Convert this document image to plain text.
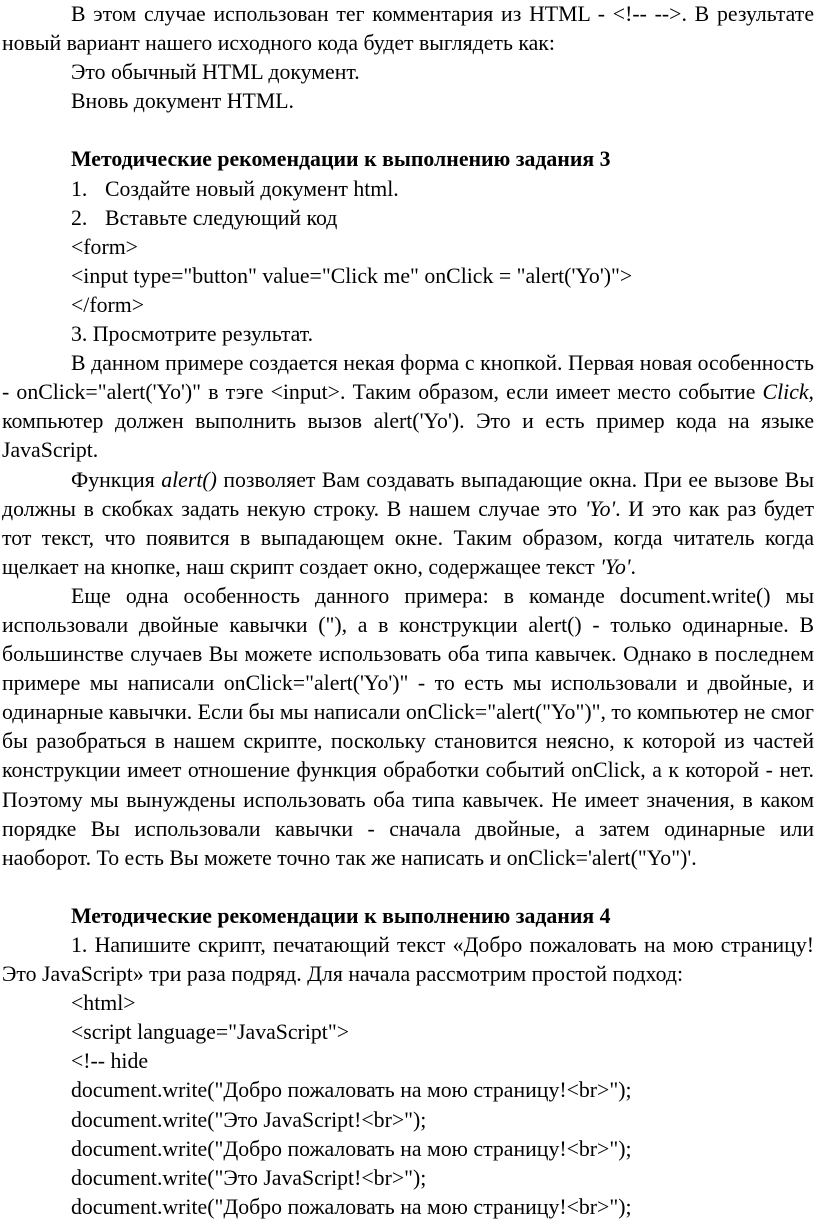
В этом случае использован тег комментария из HTML - <!-- -->. В результате новый вариант нашего исходного кода будет выглядеть как:

Это обычный HTML документ.

Вновь документ HTML.

Методические рекомендации к выполнению задания 3

1. Создайте новый документ html.

2. Вставьте следующий код

<form>

<input type="button" value="Click me" onClick = "alert('Yo')">

</form>

3. Просмотрите результат.

В данном примере создается некая форма с кнопкой. Первая новая особенность - onClick="alert('Yo')" в тэге <input>. Таким образом, если имеет место событие Click, компьютер должен выполнить вызов alert('Yo'). Это и есть пример кода на языке JavaScript.

Функция alert() позволяет Вам создавать выпадающие окна. При ее вызове Вы должны в скобках задать некую строку. В нашем случае это 'Yo'. И это как раз будет тот текст, что появится в выпадающем окне. Таким образом, когда читатель когда щелкает на кнопке, наш скрипт создает окно, содержащее текст 'Yo'.

Еще одна особенность данного примера: в команде document.write() мы использовали двойные кавычки ("), а в конструкции alert() - только одинарные. В большинстве случаев Вы можете использовать оба типа кавычек. Однако в последнем примере мы написали onClick="alert('Yo')" - то есть мы использовали и двойные, и одинарные кавычки. Если бы мы написали onClick="alert("Yo")", то компьютер не смог бы разобраться в нашем скрипте, поскольку становится неясно, к которой из частей конструкции имеет отношение функция обработки событий onClick, а к которой - нет. Поэтому мы вынуждены использовать оба типа кавычек. Не имеет значения, в каком порядке Вы использовали кавычки - сначала двойные, а затем одинарные или наоборот. То есть Вы можете точно так же написать и onClick='alert("Yo")'.

Методические рекомендации к выполнению задания 4

1. Напишите скрипт, печатающий текст «Добро пожаловать на мою страницу! Это JavaScript» три раза подряд. Для начала рассмотрим простой подход:

<html>

<script language="JavaScript">

<!-- hide

document.write("Добро пожаловать на мою страницу!<br>");

document.write("Это JavaScript!<br>");

document.write("Добро пожаловать на мою страницу!<br>");

document.write("Это JavaScript!<br>");

document.write("Добро пожаловать на мою страницу!<br>");
